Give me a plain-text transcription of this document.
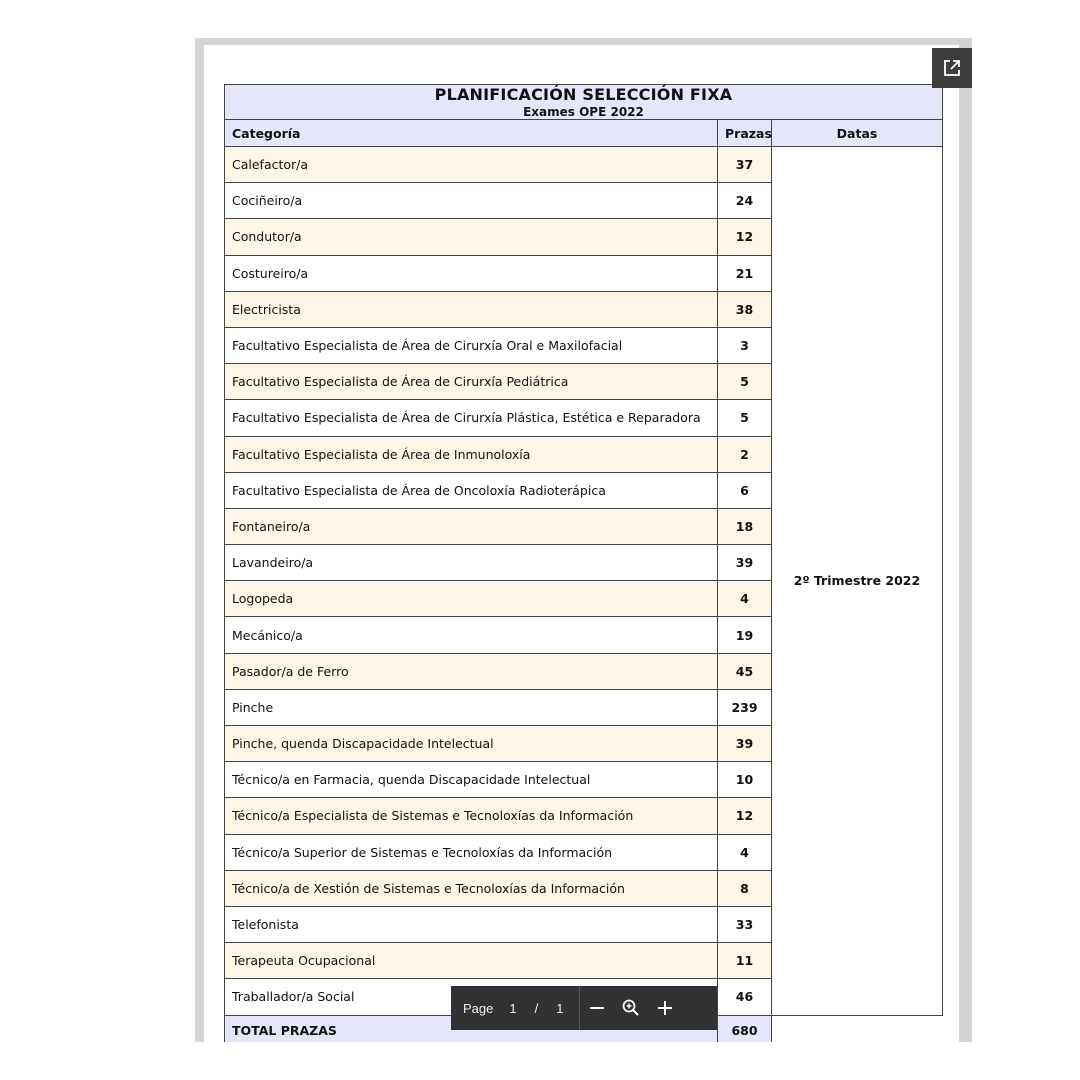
PLANIFICACIÓN SELECCIÓN FIXA
Exames OPE 2022		

Categoría	Prazas	Datas
Calefactor/a	37	2º Trimestre 2022
Cociñeiro/a	24	
Condutor/a	12	
Costureiro/a	21	
Electricista	38	
Facultativo Especialista de Área de Cirurxía Oral e Maxilofacial	3	
Facultativo Especialista de Área de Cirurxía Pediátrica	5	
Facultativo Especialista de Área de Cirurxía Plástica, Estética e Reparadora	5	
Facultativo Especialista de Área de Inmunoloxía	2	
Facultativo Especialista de Área de Oncoloxía Radioterápica	6	
Fontaneiro/a	18	
Lavandeiro/a	39	
Logopeda	4	
Mecánico/a	19	
Pasador/a de Ferro	45	
Pinche	239	
Pinche, quenda Discapacidade Intelectual	39	
Técnico/a en Farmacia, quenda Discapacidade Intelectual	10	
Técnico/a Especialista de Sistemas e Tecnoloxías da Información	12	
Técnico/a Superior de Sistemas e Tecnoloxías da Información	4	
Técnico/a de Xestión de Sistemas e Tecnoloxías da Información	8	
Telefonista	33	
Terapeuta Ocupacional	11	
Traballador/a Social	46	
TOTAL PRAZAS	680	
Page 1 / 1
